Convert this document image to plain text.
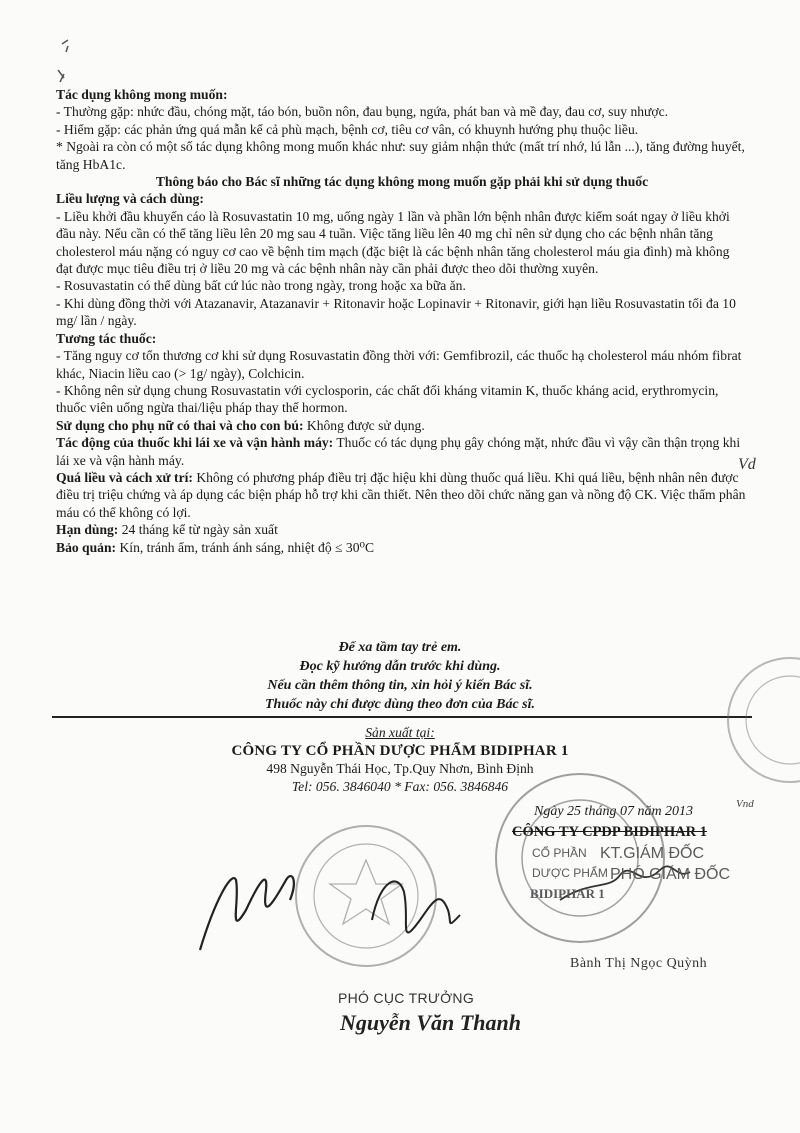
Tác dụng không mong muốn:

- Thường gặp: nhức đầu, chóng mặt, táo bón, buồn nôn, đau bụng, ngứa, phát ban và mề đay, đau cơ, suy nhược.

- Hiếm gặp: các phản ứng quá mẫn kể cả phù mạch, bệnh cơ, tiêu cơ vân, có khuynh hướng phụ thuộc liều.

* Ngoài ra còn có một số tác dụng không mong muốn khác như: suy giảm nhận thức (mất trí nhớ, lú lẫn ...), tăng đường huyết, tăng HbA1c.

Thông báo cho Bác sĩ những tác dụng không mong muốn gặp phải khi sử dụng thuốc

Liều lượng và cách dùng:

- Liều khởi đầu khuyến cáo là Rosuvastatin 10 mg, uống ngày 1 lần và phần lớn bệnh nhân được kiểm soát ngay ở liều khởi đầu này. Nếu cần có thể tăng liều lên 20 mg sau 4 tuần. Việc tăng liều lên 40 mg chỉ nên sử dụng cho các bệnh nhân tăng cholesterol máu nặng có nguy cơ cao về bệnh tim mạch (đặc biệt là các bệnh nhân tăng cholesterol máu gia đình) mà không đạt được mục tiêu điều trị ở liều 20 mg và các bệnh nhân này cần phải được theo dõi thường xuyên.

- Rosuvastatin có thể dùng bất cứ lúc nào trong ngày, trong hoặc xa bữa ăn.

- Khi dùng đồng thời với Atazanavir, Atazanavir + Ritonavir hoặc Lopinavir + Ritonavir, giới hạn liều Rosuvastatin tối đa 10 mg/ lần / ngày.

Tương tác thuốc:

- Tăng nguy cơ tổn thương cơ khi sử dụng Rosuvastatin đồng thời với: Gemfibrozil, các thuốc hạ cholesterol máu nhóm fibrat khác, Niacin liều cao (> 1g/ ngày), Colchicin.

- Không nên sử dụng chung Rosuvastatin với cyclosporin, các chất đối kháng vitamin K, thuốc kháng acid, erythromycin, thuốc viên uống ngừa thai/liệu pháp thay thế hormon.

Sử dụng cho phụ nữ có thai và cho con bú: Không được sử dụng.

Tác động của thuốc khi lái xe và vận hành máy: Thuốc có tác dụng phụ gây chóng mặt, nhức đầu vì vậy cần thận trọng khi lái xe và vận hành máy.

Quá liều và cách xử trí: Không có phương pháp điều trị đặc hiệu khi dùng thuốc quá liều. Khi quá liều, bệnh nhân nên được điều trị triệu chứng và áp dụng các biện pháp hỗ trợ khi cần thiết. Nên theo dõi chức năng gan và nồng độ CK. Việc thẩm phân máu có thể không có lợi.

Hạn dùng: 24 tháng kể từ ngày sản xuất

Bảo quản: Kín, tránh ẩm, tránh ánh sáng, nhiệt độ ≤ 30⁰C

Để xa tầm tay trẻ em.

Đọc kỹ hướng dẫn trước khi dùng.

Nếu cần thêm thông tin, xin hỏi ý kiến Bác sĩ.

Thuốc này chỉ được dùng theo đơn của Bác sĩ.

Sản xuất tại:

CÔNG TY CỔ PHẦN DƯỢC PHẨM BIDIPHAR 1

498 Nguyễn Thái Học, Tp.Quy Nhơn, Bình Định

Tel: 056. 3846040 * Fax: 056. 3846846

Ngày 25 tháng 07 năm 2013
CÔNG TY CPDP BIDIPHAR 1
KT.GIÁM ĐỐC
PHÓ GIÁM ĐỐC
CỔ PHẦN
DƯỢC PHẨM
BIDIPHAR 1
Bành Thị Ngọc Quỳnh
PHÓ CỤC TRƯỞNG
Nguyễn Văn Thanh
Vd
Vnd
